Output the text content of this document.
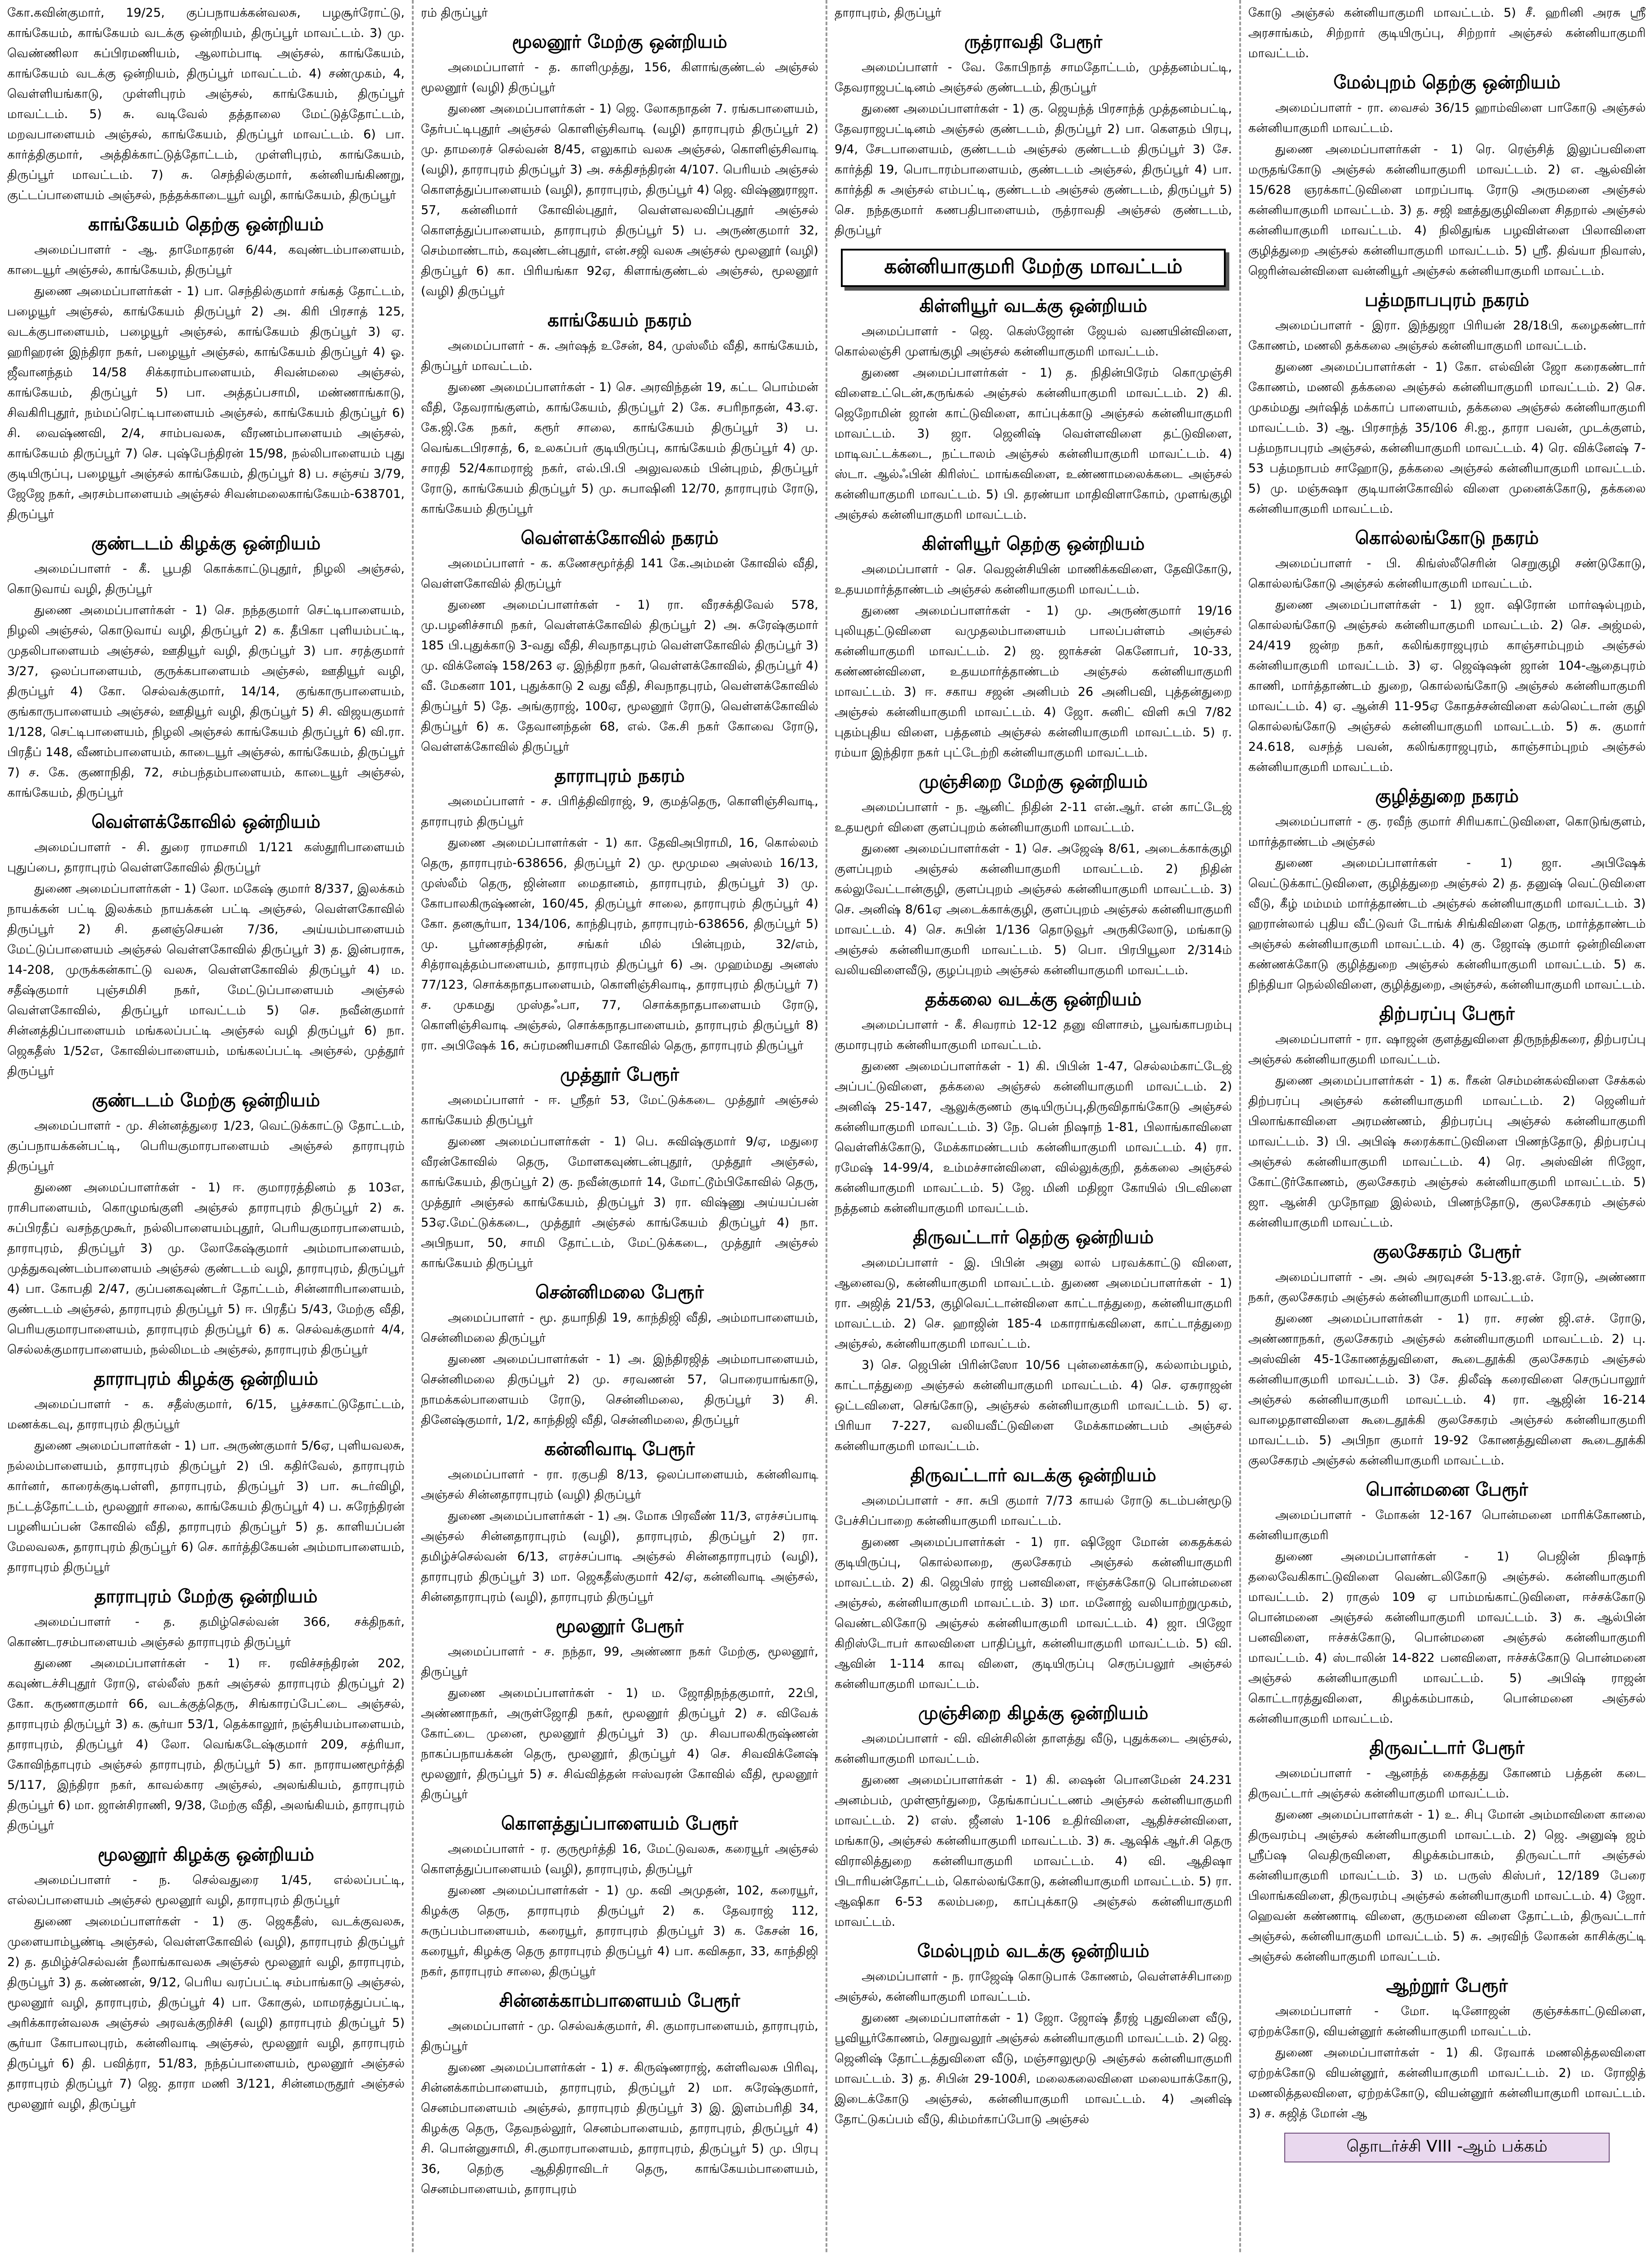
கோ.கவின்குமார், 19/25, குப்பநாயக்கன்வலசு, பழசூர்ரோட்டு, காங்கேயம், காங்கேயம் வடக்கு ஒன்றியம், திருப்பூர் மாவட்டம். 3) மு. வெண்ணிலா சுப்பிரமணியம், ஆலாம்பாடி அஞ்சல், காங்கேயம், காங்கேயம் வடக்கு ஒன்றியம், திருப்பூர் மாவட்டம். 4) சண்முகம், 4, வெள்ளியங்காடு, முள்ளிபுரம் அஞ்சல், காங்கேயம், திருப்பூர் மாவட்டம். 5) சு. வடிவேல் தத்தாலை மேட்டுத்தோட்டம், மறவபாளையம் அஞ்சல், காங்கேயம், திருப்பூர் மாவட்டம். 6) பா. கார்த்திகுமார், அத்திக்காட்டுத்தோட்டம், முள்ளிபுரம், காங்கேயம், திருப்பூர் மாவட்டம். 7) சு. செந்தில்குமார், கன்னியங்கிணறு, குட்டப்பாளையம் அஞ்சல், நத்தக்காடையூர் வழி, காங்கேயம், திருப்பூர்

காங்கேயம் தெற்கு ஒன்றியம்

அமைப்பாளர் - ஆ. தாமோதரன் 6/44, கவுண்டம்பாளையம், காடையூர் அஞ்சல், காங்கேயம், திருப்பூர்

துணை அமைப்பாளர்கள் - 1) பா. செந்தில்குமார் சங்கத் தோட்டம், பழையூர் அஞ்சல், காங்கேயம் திருப்பூர் 2) அ. கிரி பிரசாத் 125, வடக்குபாளையம், பழையூர் அஞ்சல், காங்கேயம் திருப்பூர் 3) ஏ. ஹரிஹரன் இந்திரா நகர், பழையூர் அஞ்சல், காங்கேயம் திருப்பூர் 4) ஓ. ஜீவானந்தம் 14/58 சிக்கராம்பாளையம், சிவன்மலை அஞ்சல், காங்கேயம், திருப்பூர் 5) பா. அத்தப்பசாமி, மண்ணாங்காடு, சிவகிரிபுதூர், நம்மப்ரெட்டிபாளையம் அஞ்சல், காங்கேயம் திருப்பூர் 6) சி. வைஷ்ணவி, 2/4, சாம்பவலசு, வீரணம்பாளையம் அஞ்சல், காங்கேயம் திருப்பூர் 7) செ. புஷ்பேந்திரன் 15/98, நல்லிபாளையம் புது குடியிருப்பு, பழையூர் அஞ்சல் காங்கேயம், திருப்பூர் 8) ப. சஞ்சய் 3/79, ஜேஜே நகர், அரசம்பாளையம் அஞ்சல் சிவன்மலைகாங்கேயம்-638701, திருப்பூர்

குண்டடம் கிழக்கு ஒன்றியம்

அமைப்பாளர் - கீ. பூபதி கொக்காட்டுபுதூர், நிழலி அஞ்சல், கொடுவாய் வழி, திருப்பூர்

துணை அமைப்பாளர்கள் - 1) செ. நந்தகுமார் செட்டிபாளையம், நிழலி அஞ்சல், கொடுவாய் வழி, திருப்பூர் 2) க. தீபிகா புளியம்பட்டி, முதலிபாளையம் அஞ்சல், ஊதியூர் வழி, திருப்பூர் 3) பா. சரத்குமார் 3/27, ஒலப்பாளையம், குருக்கபாளையம் அஞ்சல், ஊதியூர் வழி, திருப்பூர் 4) கோ. செல்வக்குமார், 14/14, குங்காருபாளையம், குங்காருபாளையம் அஞ்சல், ஊதியூர் வழி, திருப்பூர் 5) சி. விஜயகுமார் 1/128, செட்டிபாளையம், நிழலி அஞ்சல் காங்கேயம் திருப்பூர் 6) வி.ரா. பிரதீப் 148, வீணம்பாளையம், காடையூர் அஞ்சல், காங்கேயம், திருப்பூர் 7) ச. கே. குணாநிதி, 72, சம்பந்தம்பாளையம், காடையூர் அஞ்சல், காங்கேயம், திருப்பூர்

வெள்ளக்கோவில் ஒன்றியம்

அமைப்பாளர் - சி. துரை ராமசாமி 1/121 கஸ்தூரிபாளையம் புதுப்பை, தாராபுரம் வெள்ளகோவில் திருப்பூர்

துணை அமைப்பாளர்கள் - 1) லோ. மகேஷ் குமார் 8/337, இலக்கம் நாயக்கன் பட்டி இலக்கம் நாயக்கன் பட்டி அஞ்சல், வெள்ளகோவில் திருப்பூர் 2) சி. தனஞ்செயன் 7/36, அய்யம்பாளையம் மேட்டுப்பாளையம் அஞ்சல் வெள்ளகோவில் திருப்பூர் 3) த. இன்பராசு, 14-208, முருக்கன்காட்டு வலசு, வெள்ளகோவில் திருப்பூர் 4) ம. சதீஷ்குமார் புஞ்சமிசி நகர், மேட்டுப்பாளையம் அஞ்சல் வெள்ளகோவில், திருப்பூர் மாவட்டம் 5) செ. நவீன்குமார் சின்னத்திப்பாளையம் மங்கலப்பட்டி அஞ்சல் வழி திருப்பூர் 6) நா. ஜெகதீஸ் 1/52எ, கோவில்பாளையம், மங்கலப்பட்டி அஞ்சல், முத்தூர் திருப்பூர்

குண்டடம் மேற்கு ஒன்றியம்

அமைப்பாளர் - மு. சின்னத்துரை 1/23, வெட்டுக்காட்டு தோட்டம், குப்பநாயக்கன்பட்டி, பெரியகுமாரபாளையம் அஞ்சல் தாராபுரம் திருப்பூர்

துணை அமைப்பாளர்கள் - 1) ஈ. குமாரரத்தினம் த 103எ, ராசிபாளையம், கொழுமங்குளி அஞ்சல் தாராபுரம் திருப்பூர் 2) சு. சுப்பிரதீப் வசந்தமுகூர், நல்லிபாளையம்புதூர், பெரியகுமாரபாளையம், தாராபுரம், திருப்பூர் 3) மு. லோகேஷ்குமார் அம்மாபாளையம், முத்துகவுண்டம்பாளையம் அஞ்சல் குண்டடம் வழி, தாராபுரம், திருப்பூர் 4) பா. கோபதி 2/47, குப்பனகவுண்டர் தோட்டம், சின்னாரிபாளையம், குண்டடம் அஞ்சல், தாராபுரம் திருப்பூர் 5) ஈ. பிரதீப் 5/43, மேற்கு வீதி, பெரியகுமாரபாளையம், தாராபுரம் திருப்பூர் 6) க. செல்வக்குமார் 4/4, செல்லக்குமாரபாளையம், நல்லிமடம் அஞ்சல், தாராபுரம் திருப்பூர்

தாராபுரம் கிழக்கு ஒன்றியம்

அமைப்பாளர் - க. சதீஸ்குமார், 6/15, பூச்சகாட்டுதோட்டம், மணக்கடவு, தாராபுரம் திருப்பூர்

துணை அமைப்பாளர்கள் - 1) பா. அருண்குமார் 5/6ஏ, புளியவலசு, நல்லம்பாளையம், தாராபுரம் திருப்பூர் 2) பி. கதிர்வேல், தாராபுரம் கார்னர், காரைக்குடிபள்ளி, தாராபுரம், திருப்பூர் 3) பா. சுடர்விழி, நட்டத்தோட்டம், மூலனூர் சாலை, காங்கேயம் திருப்பூர் 4) ப. சுரேந்திரன் பழனியப்பன் கோவில் வீதி, தாராபுரம் திருப்பூர் 5) த. காளியப்பன் மேலவலசு, தாராபுரம் திருப்பூர் 6) செ. கார்த்திகேயன் அம்மாபாளையம், தாராபுரம் திருப்பூர்

தாராபுரம் மேற்கு ஒன்றியம்

அமைப்பாளர் - த. தமிழ்செல்வன் 366, சக்திநகர், கொண்டரசம்பாளையம் அஞ்சல் தாராபுரம் திருப்பூர்

துணை அமைப்பாளர்கள் - 1) ஈ. ரவிச்சந்திரன் 202, கவுண்டச்சிபுதூர் ரோடு, எல்லீஸ் நகர் அஞ்சல் தாராபுரம் திருப்பூர் 2) கோ. கருணாகுமார் 66, வடக்குத்தெரு, சிங்காரப்பேட்டை அஞ்சல், தாராபுரம் திருப்பூர் 3) க. சூர்யா 53/1, தெக்காலூர், நஞ்சியம்பாளையம், தாராபுரம், திருப்பூர் 4) லோ. வெங்கடேஷ்குமார் 209, சத்ரியா, கோவிந்தாபுரம் அஞ்சல் தாராபுரம், திருப்பூர் 5) கா. நாராயணமூர்த்தி 5/117, இந்திரா நகர், காவல்கார அஞ்சல், அலங்கியம், தாராபுரம் திருப்பூர் 6) மா. ஜான்சிராணி, 9/38, மேற்கு வீதி, அலங்கியம், தாராபுரம் திருப்பூர்

மூலனூர் கிழக்கு ஒன்றியம்

அமைப்பாளர் - ந. செல்வதுரை 1/45, எல்லப்பட்டி, எல்லப்பாளையம் அஞ்சல் மூலனூர் வழி, தாராபுரம் திருப்பூர்

துணை அமைப்பாளர்கள் - 1) கு. ஜெகதீஸ், வடக்குவலசு, முளையாம்பூண்டி அஞ்சல், வெள்ளகோவில் (வழி), தாராபுரம் திருப்பூர் 2) த. தமிழ்ச்செல்வன் நீலாங்காவலசு அஞ்சல் மூலனூர் வழி, தாராபுரம், திருப்பூர் 3) த. கண்ணன், 9/12, பெரிய வரப்பட்டி சம்பாங்காடு அஞ்சல், மூலனூர் வழி, தாராபுரம், திருப்பூர் 4) பா. கோகுல், மாமரத்துப்பட்டி, அரிக்காரன்வலசு அஞ்சல் அரவக்குறிச்சி (வழி) தாராபுரம் திருப்பூர் 5) சூர்யா கோபாலபுரம், கன்னிவாடி அஞ்சல், மூலனூர் வழி, தாராபுரம் திருப்பூர் 6) தி. பவித்ரா, 51/83, நந்தப்பாளையம், மூலனூர் அஞ்சல் தாராபுரம் திருப்பூர் 7) ஜெ. தாரா மணி 3/121, சின்னமருதூர் அஞ்சல் மூலனூர் வழி, திருப்பூர்

ரம் திருப்பூர்

மூலனூர் மேற்கு ஒன்றியம்

அமைப்பாளர் - த. காளிமுத்து, 156, கிளாங்குண்டல் அஞ்சல் மூலனூர் (வழி) திருப்பூர்

துணை அமைப்பாளர்கள் - 1) ஜெ. லோகநாதன் 7. ரங்கபாளையம், தேர்பட்டிபுதூர் அஞ்சல் கொளிஞ்சிவாடி (வழி) தாராபுரம் திருப்பூர் 2) மு. தாமரைச் செல்வன் 8/45, எலுகாம் வலசு அஞ்சல், கொளிஞ்சிவாடி (வழி), தாராபுரம் திருப்பூர் 3) அ. சக்திசந்திரன் 4/107. பெரியம் அஞ்சல் கொளத்துப்பாளையம் (வழி), தாராபுரம், திருப்பூர் 4) ஜெ. விஷ்ணுராஜா. 57, கன்னிமார் கோவில்புதூர், வெள்ளவலவிப்புதூர் அஞ்சல் கொளத்துப்பாளையம், தாராபுரம் திருப்பூர் 5) ப. அருண்குமார் 32, செம்மாண்டாம், கவுண்டன்புதூர், என்.சஜி வலசு அஞ்சல் மூலனூர் (வழி) திருப்பூர் 6) கா. பிரியங்கா 92ஏ, கிளாங்குண்டல் அஞ்சல், மூலனூர் (வழி) திருப்பூர்

காங்கேயம் நகரம்

அமைப்பாளர் - சு. அர்ஷத் உசேன், 84, முஸ்லீம் வீதி, காங்கேயம், திருப்பூர் மாவட்டம்.

துணை அமைப்பாளர்கள் - 1) செ. அரவிந்தன் 19, கட்ட பொம்மன் வீதி, தேவராங்குளம், காங்கேயம், திருப்பூர் 2) கே. சபரிநாதன், 43.ஏ. கே.ஜி.கே நகர், கரூர் சாலை, காங்கேயம் திருப்பூர் 3) ப. வெங்கடபிரசாத், 6, உலகப்பர் குடியிருப்பு, காங்கேயம் திருப்பூர் 4) மு. சாரதி 52/4காமராஜ் நகர், எல்.பி.பி அலுவலகம் பின்புறம், திருப்பூர் ரோடு, காங்கேயம் திருப்பூர் 5) மு. சுபாஷினி 12/70, தாராபுரம் ரோடு, காங்கேயம் திருப்பூர்

வெள்ளக்கோவில் நகரம்

அமைப்பாளர் - க. கணேசமூர்த்தி 141 கே.அம்மன் கோவில் வீதி, வெள்ளகோவில் திருப்பூர்

துணை அமைப்பாளர்கள் - 1) ரா. வீரசக்திவேல் 578, மு.பழனிச்சாமி நகர், வெள்ளக்கோவில் திருப்பூர் 2) அ. சுரேஷ்குமார் 185 பி.புதுக்காடு 3-வது வீதி, சிவநாதபுரம் வெள்ளகோவில் திருப்பூர் 3) மு. விக்னேஷ் 158/263 ஏ. இந்திரா நகர், வெள்ளக்கோவில், திருப்பூர் 4) வீ. மேகனா 101, புதுக்காடு 2 வது வீதி, சிவநாதபுரம், வெள்ளக்கோவில் திருப்பூர் 5) தே. அங்குராஜ், 100ஏ, மூலனூர் ரோடு, வெள்ளக்கோவில் திருப்பூர் 6) க. தேவானந்தன் 68, எல். கே.சி நகர் கோவை ரோடு, வெள்ளக்கோவில் திருப்பூர்

தாராபுரம் நகரம்

அமைப்பாளர் - ச. பிரித்திவிராஜ், 9, குமத்தெரு, கொளிஞ்சிவாடி, தாராபுரம் திருப்பூர்

துணை அமைப்பாளர்கள் - 1) கா. தேவிஅபிராமி, 16, கொல்லம் தெரு, தாராபுரம்-638656, திருப்பூர் 2) மு. மூமுமல அஸ்லம் 16/13, முஸ்லீம் தெரு, ஜின்னா மைதானம், தாராபுரம், திருப்பூர் 3) மு. கோபாலகிருஷ்ணன், 160/45, திருப்பூர் சாலை, தாராபுரம் திருப்பூர் 4) கோ. தனசூர்யா, 134/106, காந்திபுரம், தாராபுரம்-638656, திருப்பூர் 5) மு. பூர்ணசந்திரன், சங்கர் மில் பின்புறம், 32/எம், சித்ராவுத்தம்பாளையம், தாராபுரம் திருப்பூர் 6) அ. முஹம்மது அனஸ் 77/123, சொக்கநாதபாளையம், கொளிஞ்சிவாடி, தாராபுரம் திருப்பூர் 7) ச. முகமது முஸ்தஃபா, 77, சொக்கநாதபாளையம் ரோடு, கொளிஞ்சிவாடி அஞ்சல், சொக்கநாதபாளையம், தாராபுரம் திருப்பூர் 8) ரா. அபிஷேக் 16, சுப்ரமணியசாமி கோவில் தெரு, தாராபுரம் திருப்பூர்

முத்தூர் பேரூர்

அமைப்பாளர் - ஈ. ஸ்ரீதர் 53, மேட்டுக்கடை முத்தூர் அஞ்சல் காங்கேயம் திருப்பூர்

துணை அமைப்பாளர்கள் - 1) பெ. சுவிஷ்குமார் 9/ஏ, மதுரை வீரன்கோவில் தெரு, மோளகவுண்டன்புதூர், முத்தூர் அஞ்சல், காங்கேயம், திருப்பூர் 2) கு. நவீன்குமார் 14, மோட்டூம்பிகோவில் தெரு, முத்தூர் அஞ்சல் காங்கேயம், திருப்பூர் 3) ரா. விஷ்ணு அய்யப்பன் 53ஏ.மேட்டுக்கடை, முத்தூர் அஞ்சல் காங்கேயம் திருப்பூர் 4) நா. அபிநயா, 50, சாமி தோட்டம், மேட்டுக்கடை, முத்தூர் அஞ்சல் காங்கேயம் திருப்பூர்

சென்னிமலை பேரூர்

அமைப்பாளர் - மூ. தயாநிதி 19, காந்திஜி வீதி, அம்மாபாளையம், சென்னிமலை திருப்பூர்

துணை அமைப்பாளர்கள் - 1) அ. இந்திரஜித் அம்மாபாளையம், சென்னிமலை திருப்பூர் 2) மு. சரவணன் 57, பொரையாங்காடு, நாமக்கல்பாளையம் ரோடு, சென்னிமலை, திருப்பூர் 3) சி. தினேஷ்குமார், 1/2, காந்திஜி வீதி, சென்னிமலை, திருப்பூர்

கன்னிவாடி பேரூர்

அமைப்பாளர் - ரா. ரகுபதி 8/13, ஒலப்பாளையம், கன்னிவாடி அஞ்சல் சின்னதாராபுரம் (வழி) திருப்பூர்

துணை அமைப்பாளர்கள் - 1) அ. மோக பிரவீண் 11/3, எரச்சப்பாடி அஞ்சல் சின்னதாராபுரம் (வழி), தாராபுரம், திருப்பூர் 2) ரா. தமிழ்ச்செல்வன் 6/13, எரச்சப்பாடி அஞ்சல் சின்னதாராபுரம் (வழி), தாராபுரம் திருப்பூர் 3) மா. ஜெகதீஸ்குமார் 42/ஏ, கன்னிவாடி அஞ்சல், சின்னதாராபுரம் (வழி), தாராபுரம் திருப்பூர்

மூலனூர் பேரூர்

அமைப்பாளர் - ச. நந்தா, 99, அண்ணா நகர் மேற்கு, மூலனூர், திருப்பூர்

துணை அமைப்பாளர்கள் - 1) ம. ஜோதிநந்தகுமார், 22பி, அண்ணாநகர், அருள்ஜோதி நகர், மூலனூர் திருப்பூர் 2) ச. விவேக் கோட்டை முனை, மூலனூர் திருப்பூர் 3) மு. சிவபாலகிருஷ்ணன் நாகப்பநாயக்கன் தெரு, மூலனூர், திருப்பூர் 4) செ. சிவவிக்னேஷ் மூலனூர், திருப்பூர் 5) ச. சிவ்வித்தன் ஈஸ்வரன் கோவில் வீதி, மூலனூர் திருப்பூர்

கொளத்துப்பாளையம் பேரூர்

அமைப்பாளர் - ர. குருமூர்த்தி 16, மேட்டுவலசு, கரையூர் அஞ்சல் கொளத்துப்பாளையம் (வழி), தாராபுரம், திருப்பூர்

துணை அமைப்பாளர்கள் - 1) மு. கவி அமுதன், 102, கரையூர், கிழக்கு தெரு, தாராபுரம் திருப்பூர் 2) க. தேவராஜ் 112, சுருப்பம்பாளையம், கரையூர், தாராபுரம் திருப்பூர் 3) க. கேசன் 16, கரையூர், கிழக்கு தெரு தாராபுரம் திருப்பூர் 4) பா. கவிசுதா, 33, காந்திஜி நகர், தாராபுரம் சாலை, திருப்பூர்

சின்னக்காம்பாளையம் பேரூர்

அமைப்பாளர் - மு. செல்வக்குமார், சி. குமாரபாளையம், தாராபுரம், திருப்பூர்

துணை அமைப்பாளர்கள் - 1) ச. கிருஷ்ணராஜ், கள்ளிவலசு பிரிவு, சின்னக்காம்பாளையம், தாராபுரம், திருப்பூர் 2) மா. சுரேஷ்குமார், செனம்பாளையம் அஞ்சல், தாராபுரம் திருப்பூர் 3) இ. இளம்பரிதி 34, கிழக்கு தெரு, தேவநல்லூர், செனம்பாளையம், தாராபுரம், திருப்பூர் 4) சி. பொன்னுசாமி, சி.குமாரபாளையம், தாராபுரம், திருப்பூர் 5) மு. பிரபு 36, தெற்கு ஆதிதிராவிடர் தெரு, காங்கேயம்பாளையம், செனம்பாளையம், தாராபுரம்

தாராபுரம், திருப்பூர்

ருத்ராவதி பேரூர்

அமைப்பாளர் - வே. கோபிநாத் சாமதோட்டம், முத்தனம்பட்டி, தேவராஜபட்டினம் அஞ்சல் குண்டடம், திருப்பூர்

துணை அமைப்பாளர்கள் - 1) கு. ஜெயந்த் பிரசாந்த் முத்தனம்பட்டி, தேவராஜபட்டினம் அஞ்சல் குண்டடம், திருப்பூர் 2) பா. கௌதம் பிரபு, 9/4, சேடபாளையம், குண்டடம் அஞ்சல் குண்டடம் திருப்பூர் 3) சே. கார்த்தி 19, பொடாரம்பாளையம், குண்டடம் அஞ்சல், திருப்பூர் 4) பா. கார்த்தி சு அஞ்சல் எம்பட்டி, குண்டடம் அஞ்சல் குண்டடம், திருப்பூர் 5) செ. நந்தகுமார் கணபதிபாளையம், ருத்ராவதி அஞ்சல் குண்டடம், திருப்பூர்

கன்னியாகுமரி மேற்கு மாவட்டம்
கிள்ளியூர் வடக்கு ஒன்றியம்

அமைப்பாளர் - ஜெ. கெஸ்ஜோன் ஜேயல் வணயின்விளை, கொல்லஞ்சி முளங்குழி அஞ்சல் கன்னியாகுமரி மாவட்டம்.

துணை அமைப்பாளர்கள் - 1) த. நிதின்பிரேம் கொமுஞ்சி விளைஉட்டென்,கருங்கல் அஞ்சல் கன்னியாகுமரி மாவட்டம். 2) கி. ஜெறோமின் ஜான் காட்டுவிளை, காப்புக்காடு அஞ்சல் கன்னியாகுமரி மாவட்டம். 3) ஜா. ஜெனிஷ் வெள்ளவிளை தட்டுவிளை, மாடிவட்டக்கடை, நட்டாலம் அஞ்சல் கன்னியாகுமரி மாவட்டம். 4) ஸ்டா. ஆல்ஃபின் கிரிஸ்ட் மாங்கவிளை, உண்ணாமலைக்கடை அஞ்சல் கன்னியாகுமரி மாவட்டம். 5) பி. தரண்யா மாதிவிளாகோம், முளங்குழி அஞ்சல் கன்னியாகுமரி மாவட்டம்.

கிள்ளியூர் தெற்கு ஒன்றியம்

அமைப்பாளர் - செ. வெஜன்சியின் மாணிக்கவிளை, தேவிகோடு, உதயமார்த்தாண்டம் அஞ்சல் கன்னியாகுமரி மாவட்டம்.

துணை அமைப்பாளர்கள் - 1) மு. அருண்குமார் 19/16 புலியுதட்டுவிளை வமுதலம்பாளையம் பாலப்பள்ளம் அஞ்சல் கன்னியாகுமரி மாவட்டம். 2) ஜ. ஜாக்சன் கெனோபர், 10-33, கண்ணன்விளை, உதயமார்த்தாண்டம் அஞ்சல் கன்னியாகுமரி மாவட்டம். 3) ஈ. சகாய சஜன் அனிபம் 26 அனிபவி, புத்தன்துறை அஞ்சல் கன்னியாகுமரி மாவட்டம். 4) ஜோ. சுனிட் விளி சுபி 7/82 புதம்புதிய விளை, பத்தனம் அஞ்சல் கன்னியாகுமரி மாவட்டம். 5) ர. ரம்யா இந்திரா நகர் புட்டேற்றி கன்னியாகுமரி மாவட்டம்.

முஞ்சிறை மேற்கு ஒன்றியம்

அமைப்பாளர் - ந. ஆனிட் நிதின் 2-11 என்.ஆர். என் காட்டேஜ் உதயமூர் விளை குளப்புறம் கன்னியாகுமரி மாவட்டம்.

துணை அமைப்பாளர்கள் - 1) செ. அஜேஷ் 8/61, அடைக்காக்குழி குளப்புறம் அஞ்சல் கன்னியாகுமரி மாவட்டம். 2) நிதின் கல்லுவேட்டான்குழி, குளப்புறம் அஞ்சல் கன்னியாகுமரி மாவட்டம். 3) செ. அனிஷ் 8/61ஏ அடைக்காக்குழி, குளப்புறம் அஞ்சல் கன்னியாகுமரி மாவட்டம். 4) செ. சுபின் 1/136 தொடுவூர் அருகிலோடு, மங்காடு அஞ்சல் கன்னியாகுமரி மாவட்டம். 5) பொ. பிரபியூலா 2/314ம் வலியவிளைவீடு, குழப்புறம் அஞ்சல் கன்னியாகுமரி மாவட்டம்.

தக்கலை வடக்கு ஒன்றியம்

அமைப்பாளர் - கீ. சிவராம் 12-12 தனு விளாசம், பூவங்காபறம்பு குமாரபுரம் கன்னியாகுமரி மாவட்டம்.

துணை அமைப்பாளர்கள் - 1) கி. பிபின் 1-47, செல்லம்காட்டேஜ் அப்பட்டுவிளை, தக்கலை அஞ்சல் கன்னியாகுமரி மாவட்டம். 2) அனிஷ் 25-147, ஆலுக்குணம் குடியிருப்பு,திருவிதாங்கோடு அஞ்சல் கன்னியாகுமரி மாவட்டம். 3) நே. பென் நிஷாந் 1-81, பிலாங்காவிளை வெள்ளிக்கோடு, மேக்காமண்டபம் கன்னியாகுமரி மாவட்டம். 4) ரா. ரமேஷ் 14-99/4, உம்மச்சான்விளை, வில்லுக்குறி, தக்கலை அஞ்சல் கன்னியாகுமரி மாவட்டம். 5) ஜே. மினி மதிஜா கோயில் பிடவிளை நத்தனம் கன்னியாகுமரி மாவட்டம்.

திருவட்டார் தெற்கு ஒன்றியம்

அமைப்பாளர் - இ. பிபின் அனு லால் பரவக்காட்டு விளை, ஆனைவடு, கன்னியாகுமரி மாவட்டம். துணை அமைப்பாளர்கள் - 1) ரா. அஜித் 21/53, குழிவெட்டான்விளை காட்டாத்துறை, கன்னியாகுமரி மாவட்டம். 2) செ. ஹாஜின் 185-4 மகாராங்கவிளை, காட்டாத்துறை அஞ்சல், கன்னியாகுமரி மாவட்டம்.

3) செ. ஜெபின் பிரின்ஸோ 10/56 புன்னைக்காடு, கல்லாம்பழம், காட்டாத்துறை அஞ்சல் கன்னியாகுமரி மாவட்டம். 4) செ. ஏசுராஜன் ஒட்டவிளை, செங்கோடு, அஞ்சல் கன்னியாகுமரி மாவட்டம். 5) ஏ. பிரியா 7-227, வலியவீட்டுவிளை மேக்காமண்டபம் அஞ்சல் கன்னியாகுமரி மாவட்டம்.

திருவட்டார் வடக்கு ஒன்றியம்

அமைப்பாளர் - சா. சுபி குமார் 7/73 காயல் ரோடு கடம்பன்மூடு பேச்சிப்பாறை கன்னியாகுமரி மாவட்டம்.

துணை அமைப்பாளர்கள் - 1) ரா. ஷிஜோ மோன் கைதக்கல் குடியிருப்பு, கொல்லாறை, குலசேகரம் அஞ்சல் கன்னியாகுமரி மாவட்டம். 2) கி. ஜெபிஸ் ராஜ் பனவிளை, ஈஞ்சக்கோடு பொன்மனை அஞ்சல், கன்னியாகுமரி மாவட்டம். 3) மா. மனோஜ் வலியாற்றுமுகம், வெண்டலிகோடு அஞ்சல் கன்னியாகுமரி மாவட்டம். 4) ஜா. பிஜோ கிறிஸ்டோபர் காலவிளை பாதிப்பூர், கன்னியாகுமரி மாவட்டம். 5) வி. ஆவின் 1-114 காவு விளை, குடியிருப்பு செருப்பலூர் அஞ்சல் கன்னியாகுமரி மாவட்டம்.

முஞ்சிறை கிழக்கு ஒன்றியம்

அமைப்பாளர் - வி. வின்சிலின் தாளத்து வீடு, புதுக்கடை அஞ்சல், கன்னியாகுமரி மாவட்டம்.

துணை அமைப்பாளர்கள் - 1) கி. ஷைன் பொனமேன் 24.231 அனம்பம், முள்ளூர்துறை, தேங்காப்பட்டணம் அஞ்சல் கன்னியாகுமரி மாவட்டம். 2) எஸ். ஜீனஸ் 1-106 உதிர்விளை, ஆதிச்சன்விளை, மங்காடு, அஞ்சல் கன்னியாகுமரி மாவட்டம். 3) சு. ஆஷிக் ஆர்.சி தெரு விராலித்துறை கன்னியாகுமரி மாவட்டம். 4) வி. ஆதிஷா பிடாரியன்தோட்டம், கொல்லங்கோடு, கன்னியாகுமரி மாவட்டம். 5) ரா. ஆஷிகா 6-53 கலம்பறை, காப்புக்காடு அஞ்சல் கன்னியாகுமரி மாவட்டம்.

மேல்புறம் வடக்கு ஒன்றியம்

அமைப்பாளர் - ந. ராஜேஷ் கொடுபாக் கோணம், வெள்ளச்சிபாறை அஞ்சல், கன்னியாகுமரி மாவட்டம்.

துணை அமைப்பாளர்கள் - 1) ஜோ. ஜோஷ் தீரஜ் புதுவிளை வீடு, பூவியூர்கோணம், செறுவலூர் அஞ்சல் கன்னியாகுமரி மாவட்டம். 2) ஜெ. ஜெனிஷ் தோட்டத்துவிளை வீடு, மஞ்சாலுமூடு அஞ்சல் கன்னியாகுமரி மாவட்டம். 3) த. சிபின் 29-100சி, மலைகலைவிளை மலையாக்கோடு, இடைக்கோடு அஞ்சல், கன்னியாகுமரி மாவட்டம். 4) அனிஷ் தோட்டுகப்பம் வீடு, கிம்மர்காப்போடு அஞ்சல்

கோடு அஞ்சல் கன்னியாகுமரி மாவட்டம். 5) சீ. ஹரினி அரசு ஸ்ரீ அரசாங்கம், சிற்றார் குடியிருப்பு, சிற்றார் அஞ்சல் கன்னியாகுமரி மாவட்டம்.

மேல்புறம் தெற்கு ஒன்றியம்

அமைப்பாளர் - ரா. வைசல் 36/15 ஹாம்விளை பாகோடு அஞ்சல் கன்னியாகுமரி மாவட்டம்.

துணை அமைப்பாளர்கள் - 1) ரெ. ரெஞ்சித் இலுப்பவிளை மருதங்கோடு அஞ்சல் கன்னியாகுமரி மாவட்டம். 2) எ. ஆல்வின் 15/628 ஞரக்காட்டுவிளை மாறப்பாடி ரோடு அருமனை அஞ்சல் கன்னியாகுமரி மாவட்டம். 3) த. சஜி ஊத்துகுழிவிளை சிதறால் அஞ்சல் கன்னியாகுமரி மாவட்டம். 4) நிலிதுங்க பழவிள்ளை பிலாவிளை குழித்துறை அஞ்சல் கன்னியாகுமரி மாவட்டம். 5) ஸ்ரீ. திவ்யா நிவாஸ், ஜெரின்வன்விளை வன்னியூர் அஞ்சல் கன்னியாகுமரி மாவட்டம்.

பத்மநாபபுரம் நகரம்

அமைப்பாளர் - இரா. இந்துஜா பிரியன் 28/18பி, கழைகண்டார் கோணம், மணலி தக்கலை அஞ்சல் கன்னியாகுமரி மாவட்டம்.

துணை அமைப்பாளர்கள் - 1) கோ. எல்வின் ஜோ கரைகண்டார் கோணம், மணலி தக்கலை அஞ்சல் கன்னியாகுமரி மாவட்டம். 2) செ. முகம்மது அர்ஷித் மக்காப் பாளையம், தக்கலை அஞ்சல் கன்னியாகுமரி மாவட்டம். 3) ஆ. பிரசாந்த் 35/106 சி.ஐ., தாரா பவன், முடக்குளம், பத்மநாபபுரம் அஞ்சல், கன்னியாகுமரி மாவட்டம். 4) ரெ. விக்னேஷ் 7-53 பத்மநாபம் சாஹோடு, தக்கலை அஞ்சல் கன்னியாகுமரி மாவட்டம். 5) மு. மஞ்சுஷா குடியான்கோவில் விளை முனைக்கோடு, தக்கலை கன்னியாகுமரி மாவட்டம்.

கொல்லங்கோடு நகரம்

அமைப்பாளர் - பி. கிங்ஸ்லீசெரின் செறுகுழி சண்டுகோடு, கொல்லங்கோடு அஞ்சல் கன்னியாகுமரி மாவட்டம்.

துணை அமைப்பாளர்கள் - 1) ஜா. ஷிரோன் மார்ஷல்புறம், கொல்லங்கோடு அஞ்சல் கன்னியாகுமரி மாவட்டம். 2) செ. அஜ்மல், 24/419 ஜன்ற நகர், கலிங்கராஜபுரம் காஞ்சாம்புறம் அஞ்சல் கன்னியாகுமரி மாவட்டம். 3) ஏ. ஜெஷ்ஷன் ஜான் 104-ஆதைபுரம் காணி, மார்த்தாண்டம் துறை, கொல்லங்கோடு அஞ்சல் கன்னியாகுமரி மாவட்டம். 4) ஏ. ஆன்சி 11-95ஏ கோதச்சன்விளை கல்லெட்டான் குழி கொல்லங்கோடு அஞ்சல் கன்னியாகுமரி மாவட்டம். 5) சு. குமார் 24.618, வசந்த் பவன், கலிங்கராஜபுரம், காஞ்சாம்புறம் அஞ்சல் கன்னியாகுமரி மாவட்டம்.

குழித்துறை நகரம்

அமைப்பாளர் - கு. ரவீந் குமார் சிரியகாட்டுவிளை, கொடுங்குளம், மார்த்தாண்டம் அஞ்சல்

துணை அமைப்பாளர்கள் - 1) ஜா. அபிஷேக் வெட்டுக்காட்டுவிளை, குழித்துறை அஞ்சல் 2) த. தனுஷ் வெட்டுவிளை வீடு, கீழ் மம்மம் மார்த்தாண்டம் அஞ்சல் கன்னியாகுமரி மாவட்டம். 3) ஹரான்லால் புதிய வீட்டுவர் டோங்க் சிங்கிவிளை தெரு, மார்த்தாண்டம் அஞ்சல் கன்னியாகுமரி மாவட்டம். 4) கு. ஜோஷ் குமார் ஒன்றிவிளை கண்ணக்கோடு குழித்துறை அஞ்சல் கன்னியாகுமரி மாவட்டம். 5) க. நிந்தியா நெல்லிவிளை, குழித்துறை, அஞ்சல், கன்னியாகுமரி மாவட்டம்.

திற்பரப்பு பேரூர்

அமைப்பாளர் - ரா. ஷாஜன் குளத்துவிளை திருநந்திகரை, திற்பரப்பு அஞ்சல் கன்னியாகுமரி மாவட்டம்.

துணை அமைப்பாளர்கள் - 1) க. ரீகன் செம்மன்கல்விளை சேக்கல் திற்பரப்பு அஞ்சல் கன்னியாகுமரி மாவட்டம். 2) ஜெனியர் பிலாங்காவிளை அரமண்ணம், திற்பரப்பு அஞ்சல் கன்னியாகுமரி மாவட்டம். 3) பி. அபிஷ் சுரைக்காட்டுவிளை பிணந்தோடு, திற்பரப்பு அஞ்சல் கன்னியாகுமரி மாவட்டம். 4) ரெ. அஸ்வின் ரிஜோ, கோட்டூர்கோணம், குலசேகரம் அஞ்சல் கன்னியாகுமரி மாவட்டம். 5) ஜா. ஆன்சி முநோஹ இல்லம், பிணந்தோடு, குலசேகரம் அஞ்சல் கன்னியாகுமரி மாவட்டம்.

குலசேகரம் பேரூர்

அமைப்பாளர் - அ. அல் அரவுசன் 5-13.ஐ.எச். ரோடு, அண்ணா நகர், குலசேகரம் அஞ்சல் கன்னியாகுமரி மாவட்டம்.

துணை அமைப்பாளர்கள் - 1) ரா. சரண் ஜி.எச். ரோடு, அண்ணாநகர், குலசேகரம் அஞ்சல் கன்னியாகுமரி மாவட்டம். 2) பு. அஸ்வின் 45-1கோணத்துவிளை, கூடைதூக்கி குலசேகரம் அஞ்சல் கன்னியாகுமரி மாவட்டம். 3) சே. திலீஷ் கரைவிளை செருப்பாலூர் அஞ்சல் கன்னியாகுமரி மாவட்டம். 4) ரா. ஆஜின் 16-214 வாழைதாளவிளை கூடைதூக்கி குலசேகரம் அஞ்சல் கன்னியாகுமரி மாவட்டம். 5) அபிநா குமார் 19-92 கோணத்துவிளை கூடைதூக்கி குலசேகரம் அஞ்சல் கன்னியாகுமரி மாவட்டம்.

பொன்மனை பேரூர்

அமைப்பாளர் - மோகன் 12-167 பொன்மனை மாரிக்கோணம், கன்னியாகுமரி

துணை அமைப்பாளர்கள் - 1) பெஜின் நிஷாந் தலைவேகிகாட்டுவிளை வெண்டலிகோடு அஞ்சல். கன்னியாகுமரி மாவட்டம். 2) ராகுல் 109 ஏ பாம்மங்காட்டுவிளை, ஈச்சக்கோடு பொன்மனை அஞ்சல் கன்னியாகுமரி மாவட்டம். 3) சு. ஆல்பின் பனவிளை, ஈச்சக்கோடு, பொன்மனை அஞ்சல் கன்னியாகுமரி மாவட்டம். 4) ஸ்டாலின் 14-822 பனவிளை, ஈச்சக்கோடு பொன்மனை அஞ்சல் கன்னியாகுமரி மாவட்டம். 5) அபிஷ் ராஜன் கொட்டாரத்துவிளை, கிழக்கம்பாகம், பொன்மனை அஞ்சல் கன்னியாகுமரி மாவட்டம்.

திருவட்டார் பேரூர்

அமைப்பாளர் - ஆனந்த் கைதத்து கோணம் பத்தன் கடை திருவட்டார் அஞ்சல் கன்னியாகுமரி மாவட்டம்.

துணை அமைப்பாளர்கள் - 1) உ. சிபு மோன் அம்மாவிளை காலை திருவரம்பு அஞ்சல் கன்னியாகுமரி மாவட்டம். 2) ஜெ. அனுஷ் ஜம் ஸ்ரீப்ஷ வெதிருவிளை, கிழக்கம்பாகம், திருவட்டார் அஞ்சல் கன்னியாகுமரி மாவட்டம். 3) ம. பருஸ் கிஸ்பா், 12/189 பேரை பிலாங்கவிளை, திருவரம்பு அஞ்சல் கன்னியாகுமரி மாவட்டம். 4) ஜோ. ஹெவன் கண்ணாடி விளை, குருமனை விளை தோட்டம், திருவட்டார் அஞ்சல், கன்னியாகுமரி மாவட்டம். 5) சு. அரவிந் லோகன் காசிக்குட்டி அஞ்சல் கன்னியாகுமரி மாவட்டம்.

ஆற்றூர் பேரூர்

அமைப்பாளர் - மோ. டினோஜன் குஞ்சக்காட்டுவிளை, ஏற்றக்கோடு, வியன்னூர் கன்னியாகுமரி மாவட்டம்.

துணை அமைப்பாளர்கள் - 1) கி. ரேவாக் மணலித்தலவிளை ஏற்றக்கோடு வியன்னூர், கன்னியாகுமரி மாவட்டம். 2) ம. ரோஜித் மணலித்தலவிளை, ஏற்றக்கோடு, வியன்னூர் கன்னியாகுமரி மாவட்டம். 3) ச. சுஜித் மோன் ஆ

தொடர்ச்சி VIII -ஆம் பக்கம்
